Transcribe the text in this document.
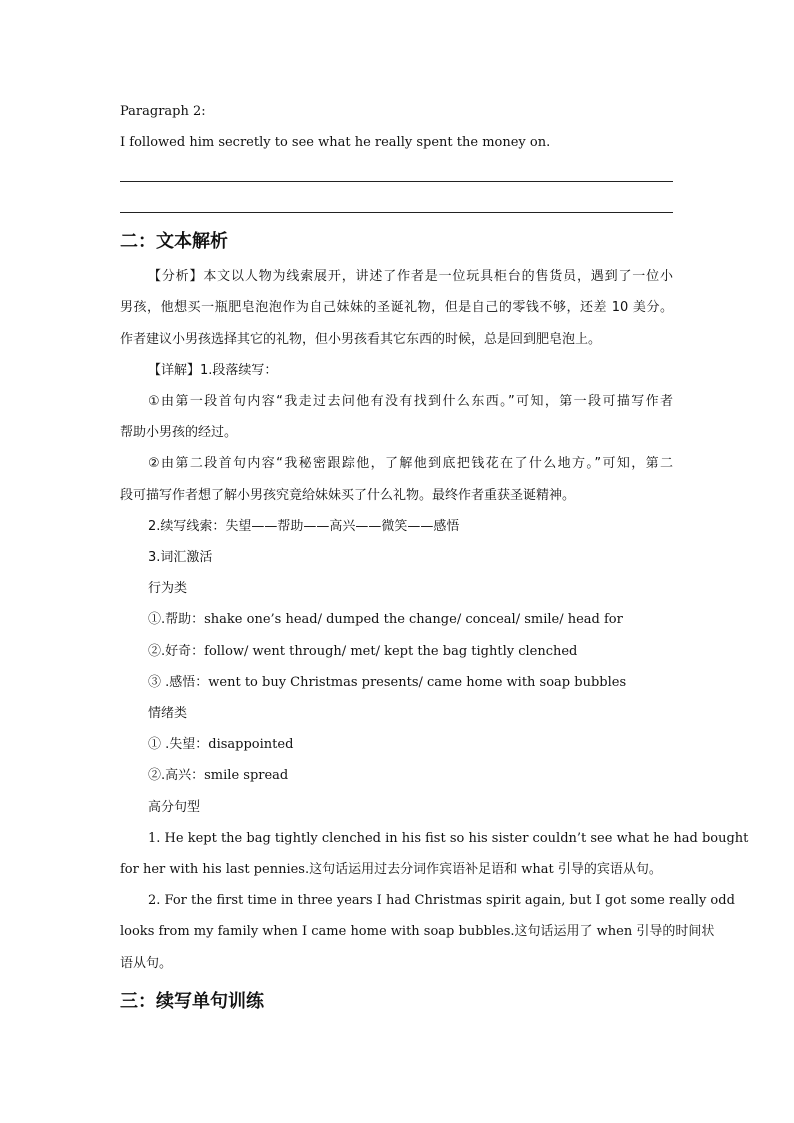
Paragraph 2:
I followed him secretly to see what he really spent the money on.
二：文本解析
【分析】本文以人物为线索展开，讲述了作者是一位玩具柜台的售货员，遇到了一位小
男孩，他想买一瓶肥皂泡泡作为自己妹妹的圣诞礼物，但是自己的零钱不够，还差 10 美分。
作者建议小男孩选择其它的礼物，但小男孩看其它东西的时候，总是回到肥皂泡上。
【详解】1.段落续写：
①由第一段首句内容“我走过去问他有没有找到什么东西。”可知，第一段可描写作者
帮助小男孩的经过。
②由第二段首句内容“我秘密跟踪他，了解他到底把钱花在了什么地方。”可知，第二
段可描写作者想了解小男孩究竟给妹妹买了什么礼物。最终作者重获圣诞精神。
2.续写线索：失望——帮助——高兴——微笑——感悟
3.词汇激活
行为类
①.帮助：shake one’s head/ dumped the change/ conceal/ smile/ head for
②.好奇：follow/ went through/ met/ kept the bag tightly clenched
③ .感悟：went to buy Christmas presents/ came home with soap bubbles
情绪类
① .失望：disappointed
②.高兴：smile spread
高分句型
1. He kept the bag tightly clenched in his fist so his sister couldn’t see what he had bought
for her with his last pennies.这句话运用过去分词作宾语补足语和 what 引导的宾语从句。
2. For the first time in three years I had Christmas spirit again, but I got some really odd
looks from my family when I came home with soap bubbles.这句话运用了 when 引导的时间状
语从句。
三：续写单句训练
